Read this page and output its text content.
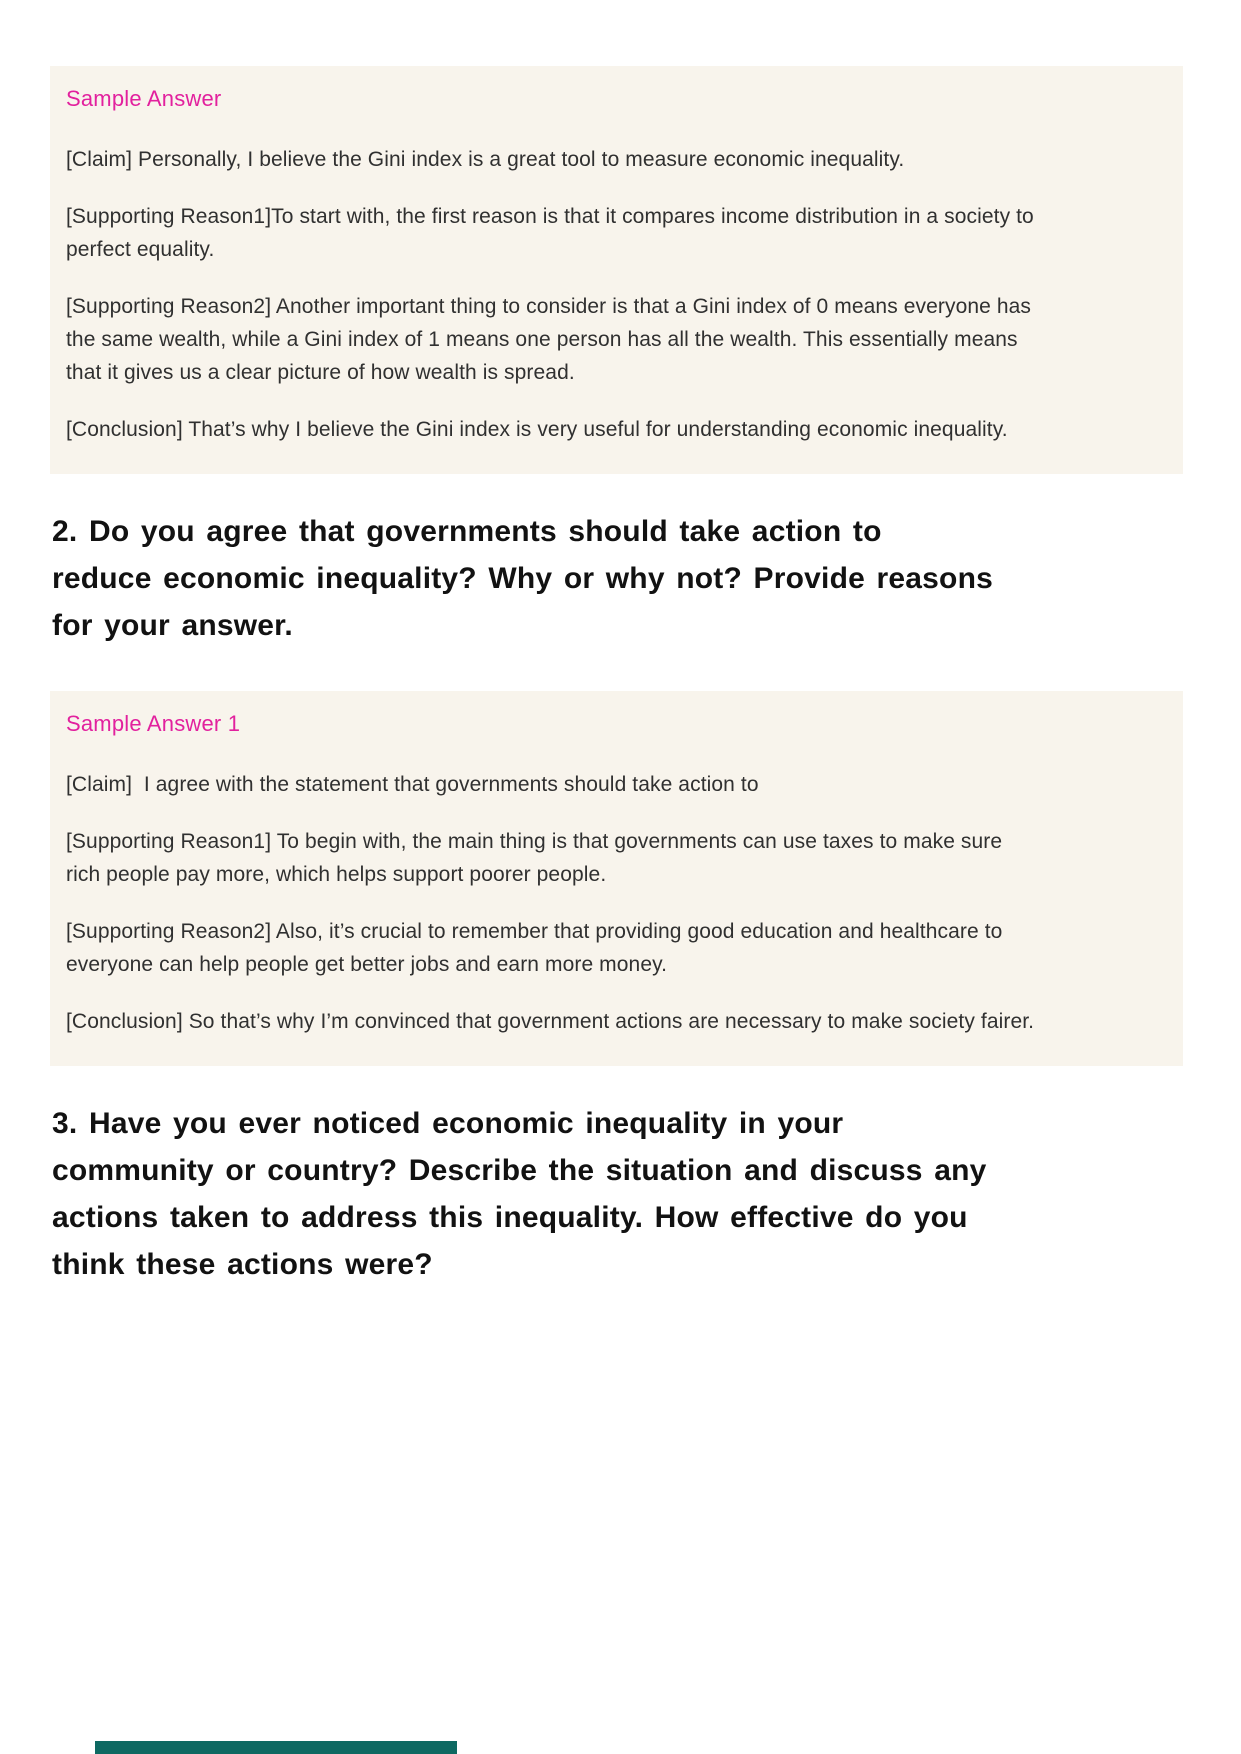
Sample Answer

[Claim] Personally, I believe the Gini index is a great tool to measure economic inequality.

[Supporting Reason1]To start with, the first reason is that it compares income distribution in a society to perfect equality.

[Supporting Reason2] Another important thing to consider is that a Gini index of 0 means everyone has the same wealth, while a Gini index of 1 means one person has all the wealth. This essentially means that it gives us a clear picture of how wealth is spread.

[Conclusion] That’s why I believe the Gini index is very useful for understanding economic inequality.

2. Do you agree that governments should take action to
reduce economic inequality? Why or why not? Provide reasons
for your answer.
Sample Answer 1

[Claim]  I agree with the statement that governments should take action to

[Supporting Reason1] To begin with, the main thing is that governments can use taxes to make sure rich people pay more, which helps support poorer people.

[Supporting Reason2] Also, it’s crucial to remember that providing good education and healthcare to everyone can help people get better jobs and earn more money.

[Conclusion] So that’s why I’m convinced that government actions are necessary to make society fairer.

3. Have you ever noticed economic inequality in your
community or country? Describe the situation and discuss any
actions taken to address this inequality. How effective do you
think these actions were?
